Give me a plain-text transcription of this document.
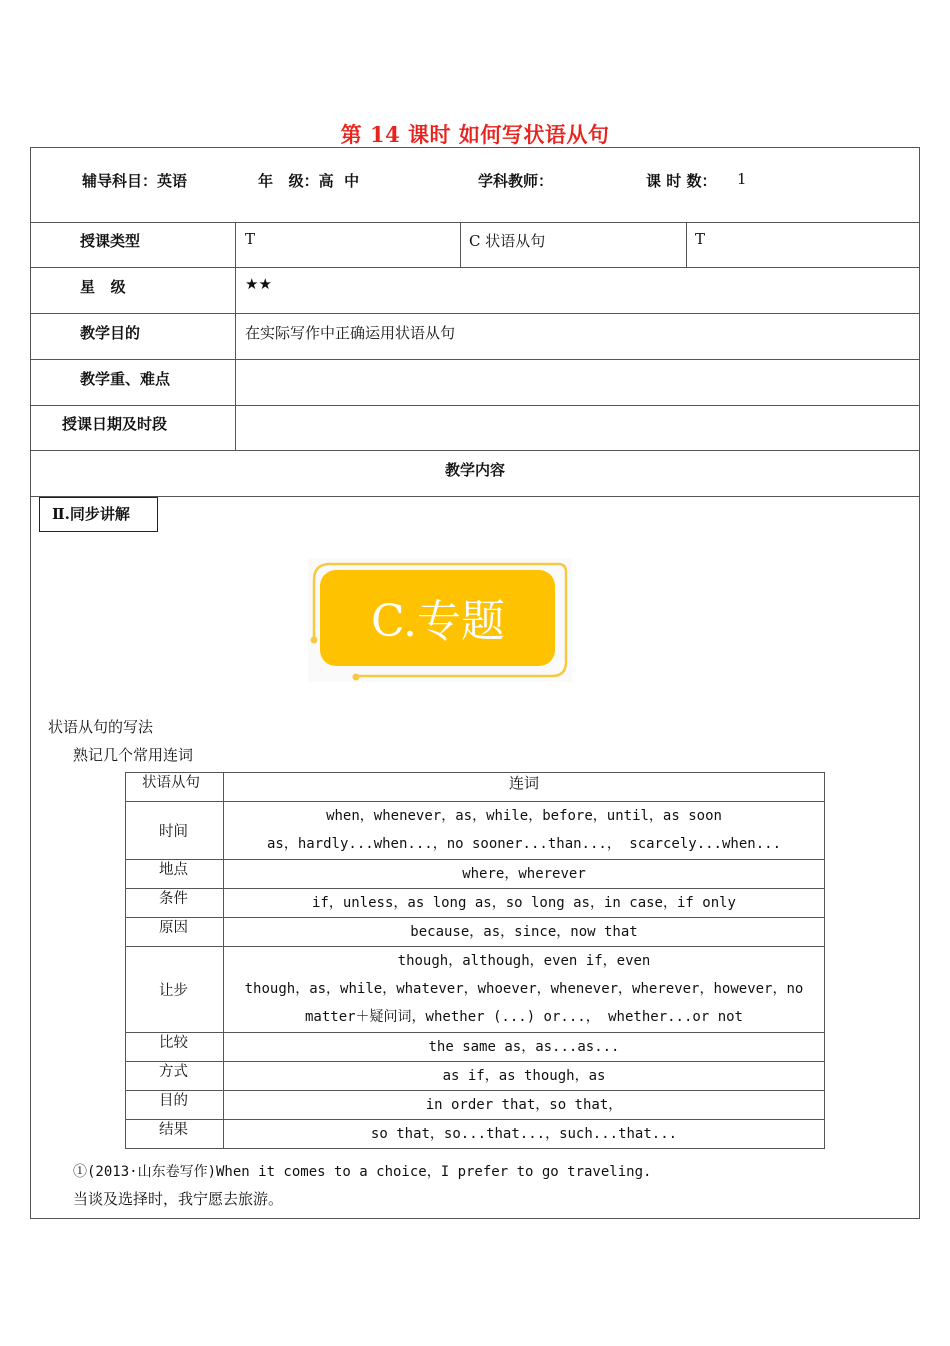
第 14 课时 如何写状语从句
辅导科目：英语	年   级：高  中	学科教师：	课 时 数： 1
授课类型	T	C 状语从句	T
星   级	★★
教学目的	在实际写作中正确运用状语从句
教学重、难点
授课日期及时段
教学内容
Ⅱ.同步讲解
C.专题
状语从句的写法
熟记几个常用连词
状语从句	连词
时间	when，whenever，as，while，before，until，as soon
as，hardly...when...，no sooner...than...， scarcely...when...

地点	where，wherever

条件	if，unless，as long as，so long as，in case，if only

原因	because，as，since，now that

让步	though，although，even if，even
though，as，while，whatever，whoever，whenever，wherever，however，no
matter＋疑问词，whether (...) or...， whether...or not

比较	the same as，as...as...

方式	as if，as though，as

目的	in order that，so that，

结果	so that，so...that...，such...that...
①(2013·山东卷写作)When it comes to a choice，I prefer to go traveling.
当谈及选择时，我宁愿去旅游。
